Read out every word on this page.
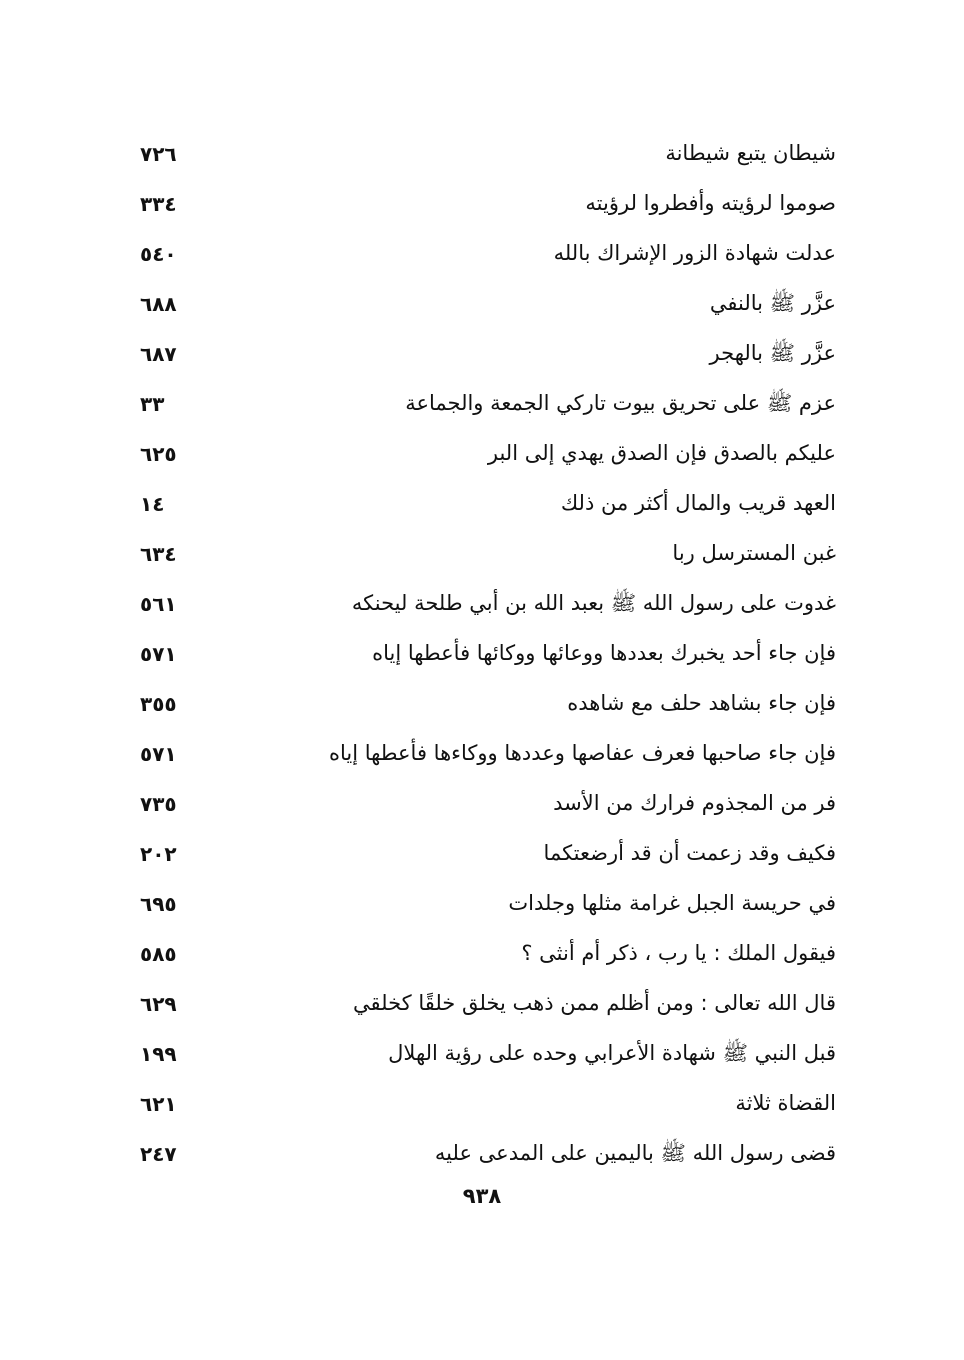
شيطان يتبع شيطانة
٧٢٦
صوموا لرؤيته وأفطروا لرؤيته
٣٣٤
عدلت شهادة الزور الإشراك بالله
٥٤٠
عزَّر ﷺ بالنفي
٦٨٨
عزَّر ﷺ بالهجر
٦٨٧
عزم ﷺ على تحريق بيوت تاركي الجمعة والجماعة
٣٣
عليكم بالصدق فإن الصدق يهدي إلى البر
٦٢٥
العهد قريب والمال أكثر من ذلك
١٤
غبن المسترسل ربا
٦٣٤
غدوت على رسول الله ﷺ بعبد الله بن أبي طلحة ليحنكه
٥٦١
فإن جاء أحد يخبرك بعددها ووعائها ووكائها فأعطها إياه
٥٧١
فإن جاء بشاهد حلف مع شاهده
٣٥٥
فإن جاء صاحبها فعرف عفاصها وعددها ووكاءها فأعطها إياه
٥٧١
فر من المجذوم فرارك من الأسد
٧٣٥
فكيف وقد زعمت أن قد أرضعتكما
٢٠٢
في حريسة الجبل غرامة مثلها وجلدات
٦٩٥
فيقول الملك : يا رب ، ذكر أم أنثى ؟
٥٨٥
قال الله تعالى : ومن أظلم ممن ذهب يخلق خلقًا كخلقي
٦٢٩
قبل النبي ﷺ شهادة الأعرابي وحده على رؤية الهلال
١٩٩
القضاة ثلاثة
٦٢١
قضى رسول الله ﷺ باليمين على المدعى عليه
٢٤٧
٩٣٨
